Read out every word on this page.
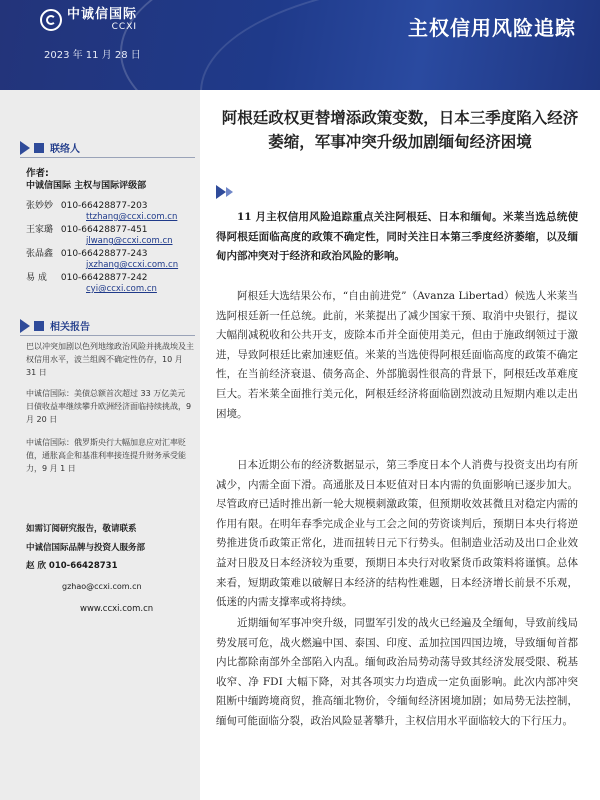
中诚信国际
CCXI
2023 年 11 月 28 日
主权信用风险追踪
联络人
作者:
中诚信国际 主权与国际评级部
张妙妙 010-66428877-203
ttzhang@ccxi.com.cn
王家璐 010-66428877-451
jlwang@ccxi.com.cn
张晶鑫 010-66428877-243
jxzhang@ccxi.com.cn
易 成 010-66428877-242
cyi@ccxi.com.cn
相关报告
巴以冲突加剧以色列地缘政治风险并挑战埃及主权信用水平，波兰组阁不确定性仍存，10 月 31 日
中诚信国际：美债总额首次超过 33 万亿美元 日债收益率继续攀升欧洲经济面临持续挑战，9 月 20 日
中诚信国际：俄罗斯央行大幅加息应对汇率贬值，通胀高企和基准利率接连提升财务承受能力，9 月 1 日
如需订阅研究报告，敬请联系
中诚信国际品牌与投资人服务部
赵 欣 010-66428731
gzhao@ccxi.com.cn
www.ccxi.com.cn
阿根廷政权更替增添政策变数，日本三季度陷入经济萎缩，军事冲突升级加剧缅甸经济困境
11 月主权信用风险追踪重点关注阿根廷、日本和缅甸。米莱当选总统使得阿根廷面临高度的政策不确定性，同时关注日本第三季度经济萎缩，以及缅甸内部冲突对于经济和政治风险的影响。
阿根廷大选结果公布，“自由前进党”（Avanza Libertad）候选人米莱当选阿根廷新一任总统。此前，米莱提出了减少国家干预、取消中央银行，提议大幅削减税收和公共开支，废除本币并全面使用美元，但由于施政纲领过于激进，导致阿根廷比索加速贬值。米莱的当选使得阿根廷面临高度的政策不确定性，在当前经济衰退、债务高企、外部脆弱性很高的背景下，阿根廷改革难度巨大。若米莱全面推行美元化，阿根廷经济将面临剧烈波动且短期内难以走出困境。
日本近期公布的经济数据显示，第三季度日本个人消费与投资支出均有所减少，内需全面下滑。高通胀及日本贬值对日本内需的负面影响已逐步加大。尽管政府已适时推出新一轮大规模刺激政策，但预期收效甚微且对稳定内需的作用有限。在明年春季完成企业与工会之间的劳资谈判后，预期日本央行将逆势推进货币政策正常化，进而扭转日元下行势头。但制造业活动及出口企业效益对日股及日本经济较为重要，预期日本央行对收紧货币政策料将谨慎。总体来看，短期政策难以破解日本经济的结构性难题，日本经济增长前景不乐观，低迷的内需支撑率或将持续。
近期缅甸军事冲突升级，同盟军引发的战火已经遍及全缅甸，导致前线局势发展可危，战火燃遍中国、泰国、印度、孟加拉国四国边境，导致缅甸首都内比都除南部外全部陷入内乱。缅甸政治局势动荡导致其经济发展受限、税基收窄、净 FDI 大幅下降，对其各项实力均造成一定负面影响。此次内部冲突阻断中缅跨境商贸，推高缅北物价，令缅甸经济困境加剧；如局势无法控制，缅甸可能面临分裂，政治风险显著攀升，主权信用水平面临较大的下行压力。
